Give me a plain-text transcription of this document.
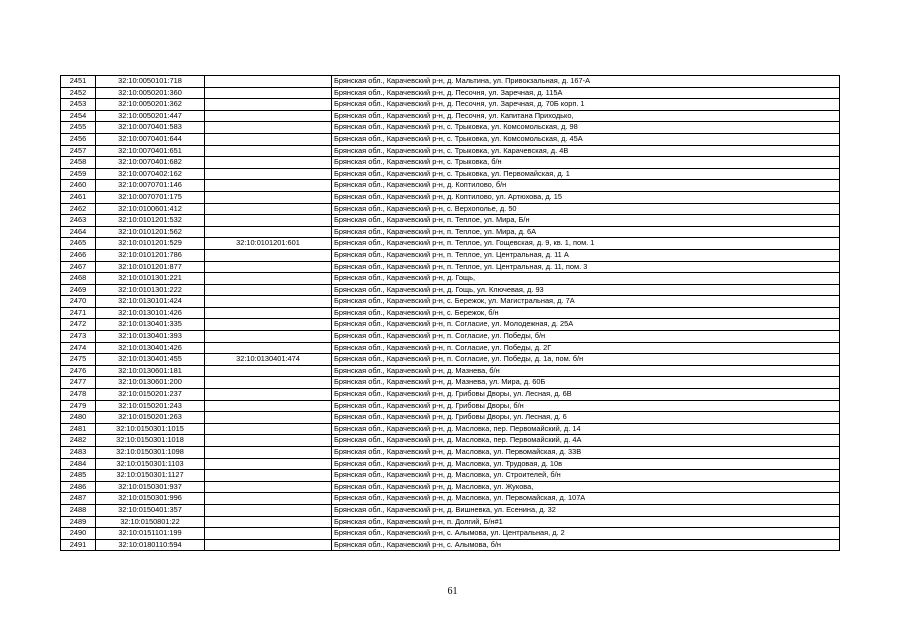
2451	32:10:0050101:718		Брянская обл., Карачевский р-н, д. Мальтина, ул. Привокзальная, д. 167-А
2452	32:10:0050201:360		Брянская обл., Карачевский р-н, д. Песочня, ул. Заречная, д. 115А
2453	32:10:0050201:362		Брянская обл., Карачевский р-н, д. Песочня, ул. Заречная, д. 70Б корп. 1
2454	32:10:0050201:447		Брянская обл., Карачевский р-н, д. Песочня, ул. Капитана Приходько,
2455	32:10:0070401:583		Брянская обл., Карачевский р-н, с. Трыковка, ул. Комсомольская, д. 98
2456	32:10:0070401:644		Брянская обл., Карачевский р-н, с. Трыковка, ул. Комсомольская, д. 45А
2457	32:10:0070401:651		Брянская обл., Карачевский р-н, с. Трыковка, ул. Карачевская, д. 4В
2458	32:10:0070401:682		Брянская обл., Карачевский р-н, с. Трыковка, б/н
2459	32:10:0070402:162		Брянская обл., Карачевский р-н, с. Трыковка, ул. Первомайская, д. 1
2460	32:10:0070701:146		Брянская обл., Карачевский р-н, д. Коптилово, б/н
2461	32:10:0070701:175		Брянская обл., Карачевский р-н, д. Коптилово, ул. Артюхова, д. 15
2462	32:10:0100601:412		Брянская обл., Карачевский р-н, с. Верхополье, д. 50
2463	32:10:0101201:532		Брянская обл., Карачевский р-н, п. Теплое, ул. Мира, Б/н
2464	32:10:0101201:562		Брянская обл., Карачевский р-н, п. Теплое, ул. Мира, д. 6А
2465	32:10:0101201:529	32:10:0101201:601	Брянская обл., Карачевский р-н, п. Теплое, ул. Гощевская, д. 9, кв. 1, пом. 1
2466	32:10:0101201:786		Брянская обл., Карачевский р-н, п. Теплое, ул. Центральная, д. 11 А
2467	32:10:0101201:877		Брянская обл., Карачевский р-н, п. Теплое, ул. Центральная, д. 11, пом. 3
2468	32:10:0101301:221		Брянская обл., Карачевский р-н, д. Гощь,
2469	32:10:0101301:222		Брянская обл., Карачевский р-н, д. Гощь, ул. Ключевая, д. 93
2470	32:10:0130101:424		Брянская обл., Карачевский р-н, с. Бережок, ул. Магистральная, д. 7А
2471	32:10:0130101:426		Брянская обл., Карачевский р-н, с. Бережок, б/н
2472	32:10:0130401:335		Брянская обл., Карачевский р-н, п. Согласие, ул. Молодежная, д. 25А
2473	32:10:0130401:393		Брянская обл., Карачевский р-н, п. Согласие, ул. Победы, б/н
2474	32:10:0130401:426		Брянская обл., Карачевский р-н, п. Согласие, ул. Победы, д. 2Г
2475	32:10:0130401:455	32:10:0130401:474	Брянская обл., Карачевский р-н, п. Согласие, ул. Победы, д. 1а, пом. б/н
2476	32:10:0130601:181		Брянская обл., Карачевский р-н, д. Мазнева, б/н
2477	32:10:0130601:200		Брянская обл., Карачевский р-н, д. Мазнева, ул. Мира, д. 60Б
2478	32:10:0150201:237		Брянская обл., Карачевский р-н, д. Грибовы Дворы, ул. Лесная, д. 6В
2479	32:10:0150201:243		Брянская обл., Карачевский р-н, д. Грибовы Дворы, б/н
2480	32:10:0150201:263		Брянская обл., Карачевский р-н, д. Грибовы Дворы, ул. Лесная, д. 6
2481	32:10:0150301:1015		Брянская обл., Карачевский р-н, д. Масловка, пер. Первомайский, д. 14
2482	32:10:0150301:1018		Брянская обл., Карачевский р-н, д. Масловка, пер. Первомайский, д. 4А
2483	32:10:0150301:1098		Брянская обл., Карачевский р-н, д. Масловка, ул. Первомайская, д. 33В
2484	32:10:0150301:1103		Брянская обл., Карачевский р-н, д. Масловка, ул. Трудовая, д. 10в
2485	32:10:0150301:1127		Брянская обл., Карачевский р-н, д. Масловка, ул. Строителей, б/н
2486	32:10:0150301:937		Брянская обл., Карачевский р-н, д. Масловка, ул. Жукова,
2487	32:10:0150301:996		Брянская обл., Карачевский р-н, д. Масловка, ул. Первомайская, д. 107А
2488	32:10:0150401:357		Брянская обл., Карачевский р-н, д. Вишневка, ул. Есенина, д. 32
2489	32:10:0150801:22		Брянская обл., Карачевский р-н, п. Долгий, Б/н#1
2490	32:10:0151101:199		Брянская обл., Карачевский р-н, с. Алымова, ул. Центральная, д. 2
2491	32:10:0180110:594		Брянская обл., Карачевский р-н, с. Алымова, б/н
61
